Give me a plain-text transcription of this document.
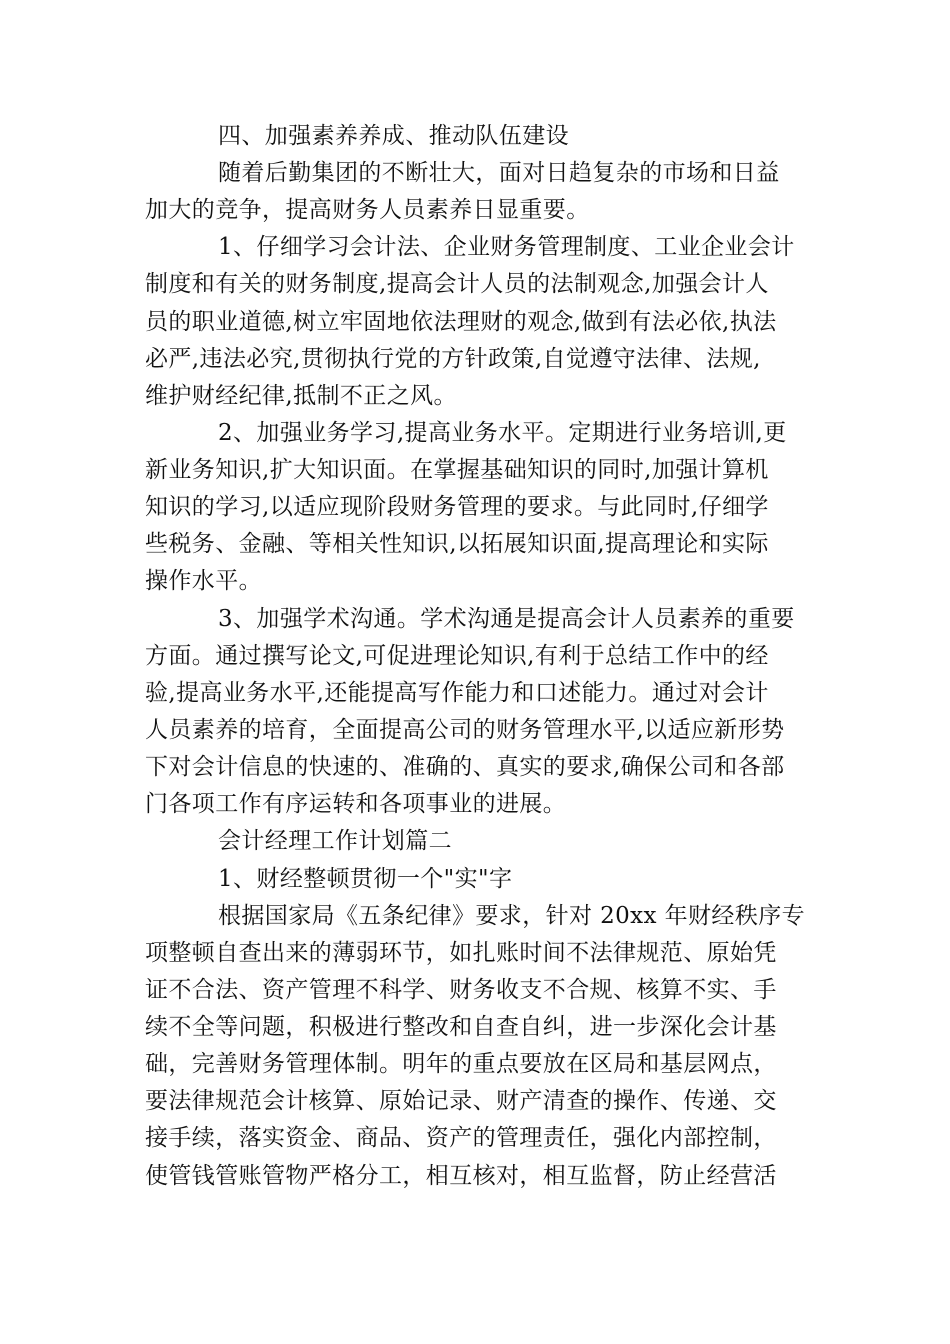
四、加强素养养成、推动队伍建设
随着后勤集团的不断壮大，面对日趋复杂的市场和日益
加大的竞争，提高财务人员素养日显重要。
1、仔细学习会计法、企业财务管理制度、工业企业会计
制度和有关的财务制度,提高会计人员的法制观念,加强会计人
员的职业道德,树立牢固地依法理财的观念,做到有法必依,执法
必严,违法必究,贯彻执行党的方针政策,自觉遵守法律、法规,
维护财经纪律,抵制不正之风。
2、加强业务学习,提高业务水平。定期进行业务培训,更
新业务知识,扩大知识面。在掌握基础知识的同时,加强计算机
知识的学习,以适应现阶段财务管理的要求。与此同时,仔细学
些税务、金融、等相关性知识,以拓展知识面,提高理论和实际
操作水平。
3、加强学术沟通。学术沟通是提高会计人员素养的重要
方面。通过撰写论文,可促进理论知识,有利于总结工作中的经
验,提高业务水平,还能提高写作能力和口述能力。通过对会计
人员素养的培育，全面提高公司的财务管理水平,以适应新形势
下对会计信息的快速的、准确的、真实的要求,确保公司和各部
门各项工作有序运转和各项事业的进展。
会计经理工作计划篇二
1、财经整顿贯彻一个"实"字
根据国家局《五条纪律》要求，针对 20xx 年财经秩序专
项整顿自查出来的薄弱环节，如扎账时间不法律规范、原始凭
证不合法、资产管理不科学、财务收支不合规、核算不实、手
续不全等问题，积极进行整改和自查自纠，进一步深化会计基
础，完善财务管理体制。明年的重点要放在区局和基层网点，
要法律规范会计核算、原始记录、财产清查的操作、传递、交
接手续，落实资金、商品、资产的管理责任，强化内部控制，
使管钱管账管物严格分工，相互核对，相互监督，防止经营活
